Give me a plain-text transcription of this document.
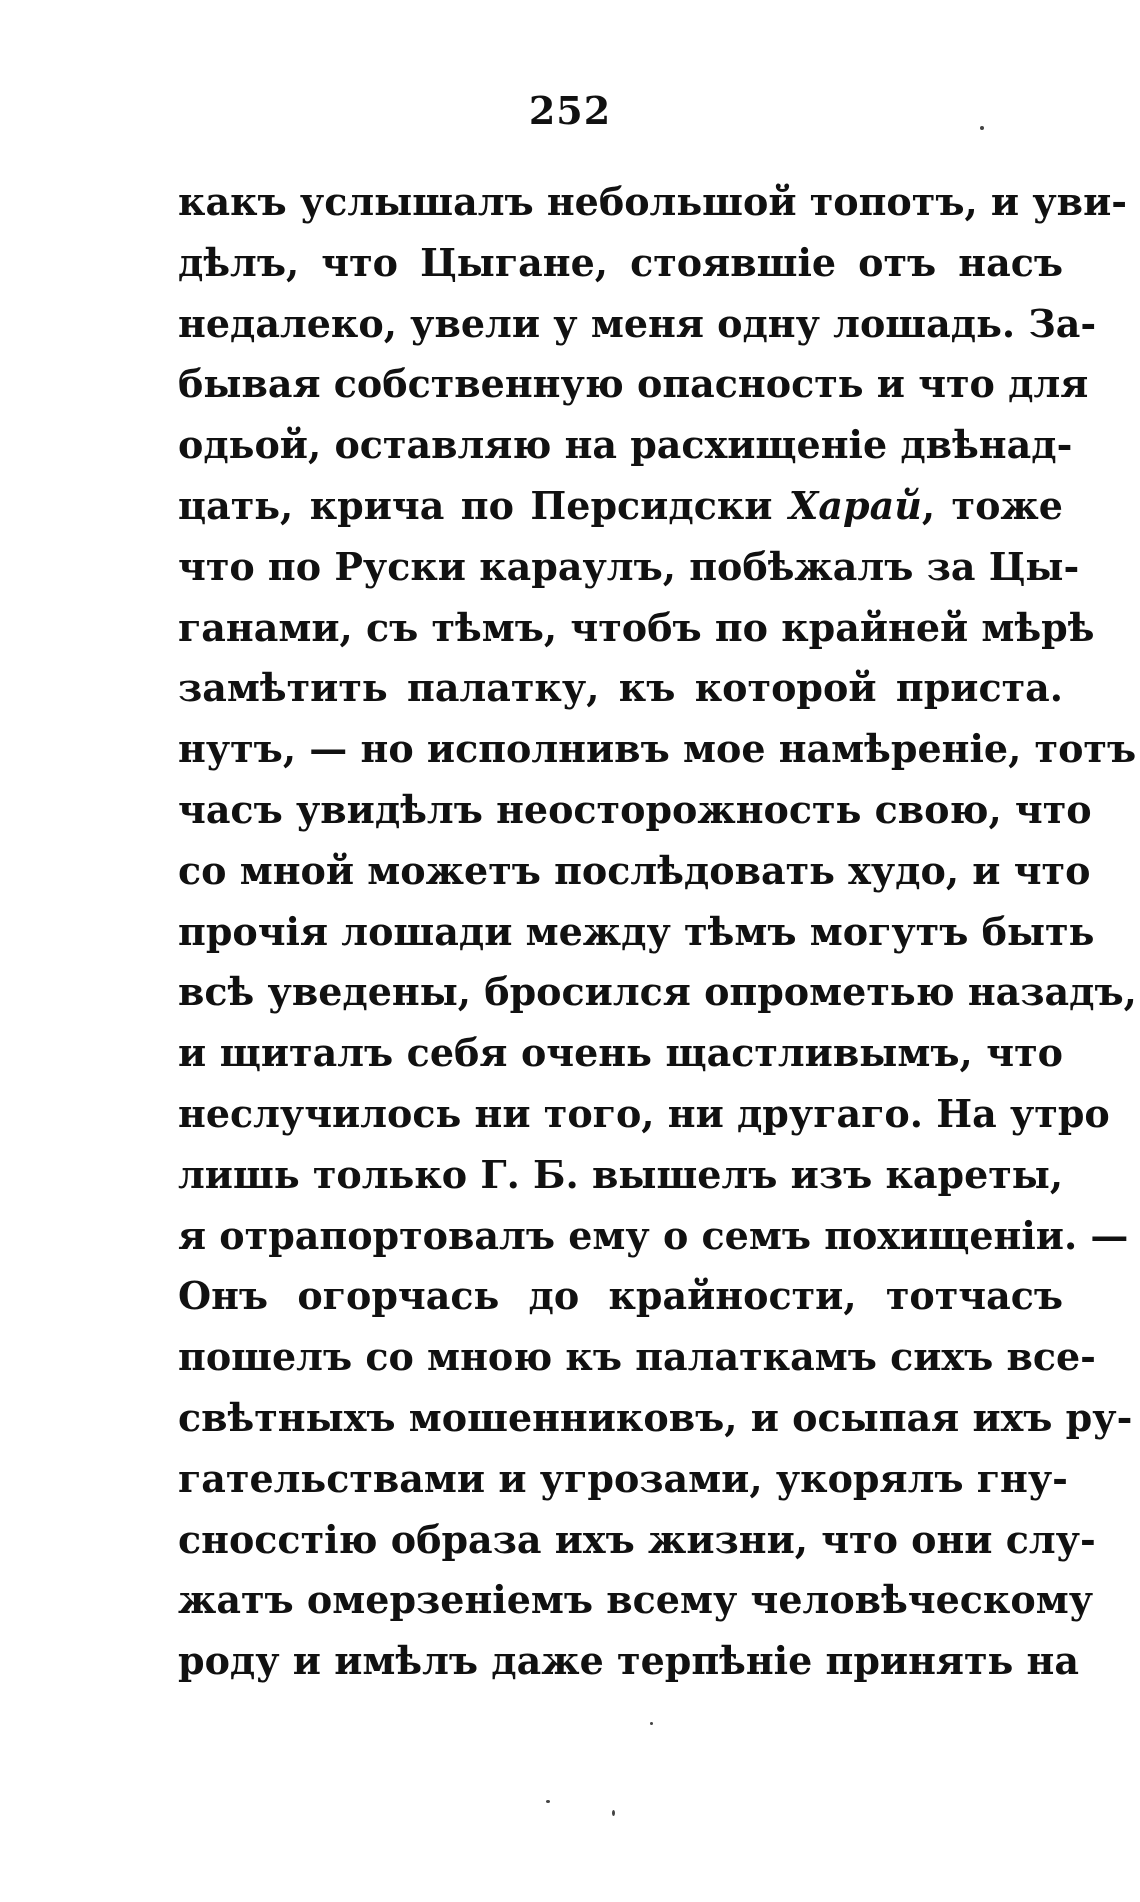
252
какъ услышалъ небольшой топотъ, и уви-
дѣлъ, что Цыгане, стоявшіе отъ насъ
недалеко, увели у меня одну лошадь. За-
бывая собственную опасность и что для
одьой, оставляю на расхищеніе двѣнад-
цать, крича по Персидски Харай, тоже
что по Руски караулъ, побѣжалъ за Цы-
ганами, съ тѣмъ, чтобъ по крайней мѣрѣ
замѣтить палатку, къ которой приста.
нутъ, — но исполнивъ мое намѣреніе, тотъ
часъ увидѣлъ неосторожность свою, что
со мной можетъ послѣдовать худо, и что
прочія лошади между тѣмъ могутъ быть
всѣ уведены, бросился опрометью назадъ,
и щиталъ себя очень щастливымъ, что
неслучилось ни того, ни другаго. На утро
лишь только Г. Б. вышелъ изъ кареты,
я отрапортовалъ ему о семъ похищеніи. —
Онъ огорчась до крайности, тотчасъ
пошелъ со мною къ палаткамъ сихъ все-
свѣтныхъ мошенниковъ, и осыпая ихъ ру-
гательствами и угрозами, укорялъ гну-
снoccтію образа ихъ жизни, что они слу-
жатъ омерзеніемъ всему человѣческому
роду и имѣлъ даже терпѣніе принять на
